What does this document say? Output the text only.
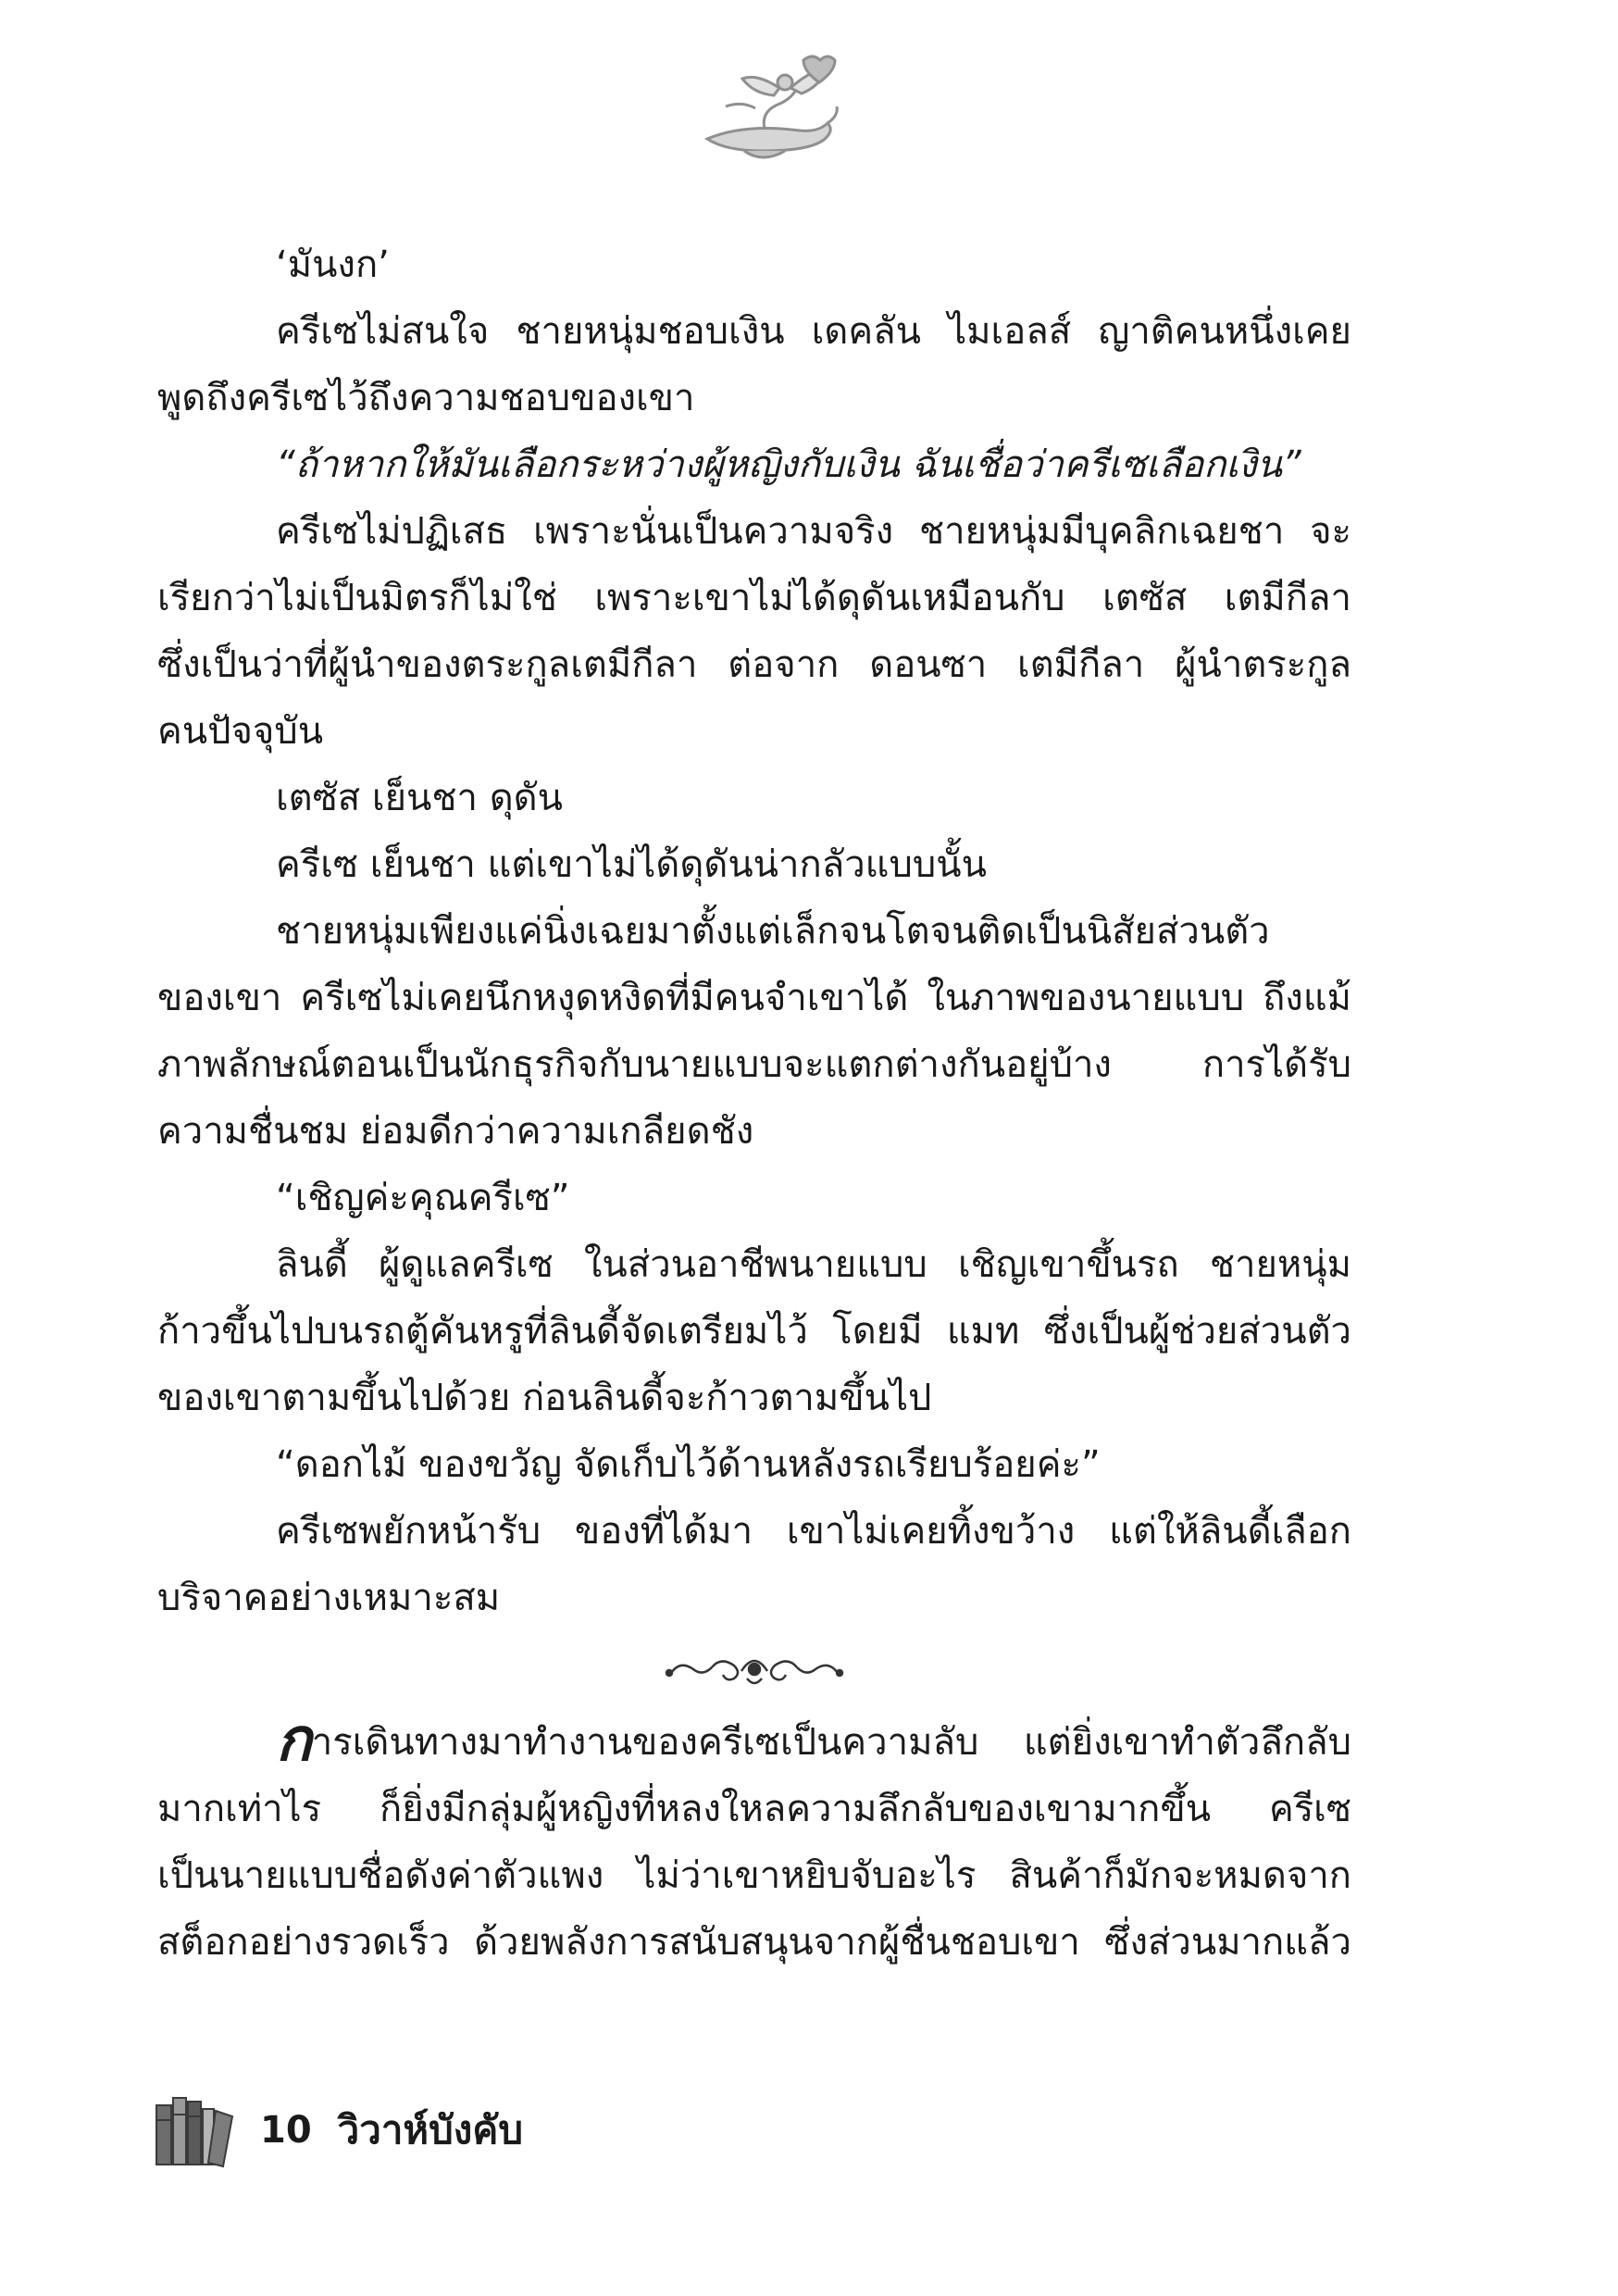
‘มันงก’
ครีเซไม่สนใจ ชายหนุ่มชอบเงิน เดคลัน ไมเอลส์ ญาติคนหนึ่งเคย
พูดถึงครีเซไว้ถึงความชอบของเขา
“ถ้าหากให้มันเลือกระหว่างผู้หญิงกับเงิน ฉันเชื่อว่าครีเซเลือกเงิน”
ครีเซไม่ปฏิเสธ เพราะนั่นเป็นความจริง ชายหนุ่มมีบุคลิกเฉยชา จะ
เรียกว่าไม่เป็นมิตรก็ไม่ใช่ เพราะเขาไม่ได้ดุดันเหมือนกับ เตซัส เตมีกีลา
ซึ่งเป็นว่าที่ผู้นำของตระกูลเตมีกีลา ต่อจาก ดอนซา เตมีกีลา ผู้นำตระกูล
คนปัจจุบัน
เตซัส เย็นชา ดุดัน
ครีเซ เย็นชา แต่เขาไม่ได้ดุดันน่ากลัวแบบนั้น
ชายหนุ่มเพียงแค่นิ่งเฉยมาตั้งแต่เล็กจนโตจนติดเป็นนิสัยส่วนตัว
ของเขา ครีเซไม่เคยนึกหงุดหงิดที่มีคนจำเขาได้ ในภาพของนายแบบ ถึงแม้
ภาพลักษณ์ตอนเป็นนักธุรกิจกับนายแบบจะแตกต่างกันอยู่บ้าง การได้รับ
ความชื่นชม ย่อมดีกว่าความเกลียดชัง
“เชิญค่ะคุณครีเซ”
ลินดี้ ผู้ดูแลครีเซ ในส่วนอาชีพนายแบบ เชิญเขาขึ้นรถ ชายหนุ่ม
ก้าวขึ้นไปบนรถตู้คันหรูที่ลินดี้จัดเตรียมไว้ โดยมี แมท ซึ่งเป็นผู้ช่วยส่วนตัว
ของเขาตามขึ้นไปด้วย ก่อนลินดี้จะก้าวตามขึ้นไป
“ดอกไม้ ของขวัญ จัดเก็บไว้ด้านหลังรถเรียบร้อยค่ะ”
ครีเซพยักหน้ารับ ของที่ได้มา เขาไม่เคยทิ้งขว้าง แต่ให้ลินดี้เลือก
บริจาคอย่างเหมาะสม
การเดินทางมาทำงานของครีเซเป็นความลับ แต่ยิ่งเขาทำตัวลึกลับ
มากเท่าไร ก็ยิ่งมีกลุ่มผู้หญิงที่หลงใหลความลึกลับของเขามากขึ้น ครีเซ
เป็นนายแบบชื่อดังค่าตัวแพง ไม่ว่าเขาหยิบจับอะไร สินค้าก็มักจะหมดจาก
สต็อกอย่างรวดเร็ว ด้วยพลังการสนับสนุนจากผู้ชื่นชอบเขา ซึ่งส่วนมากแล้ว
10 วิวาห์บังคับ
